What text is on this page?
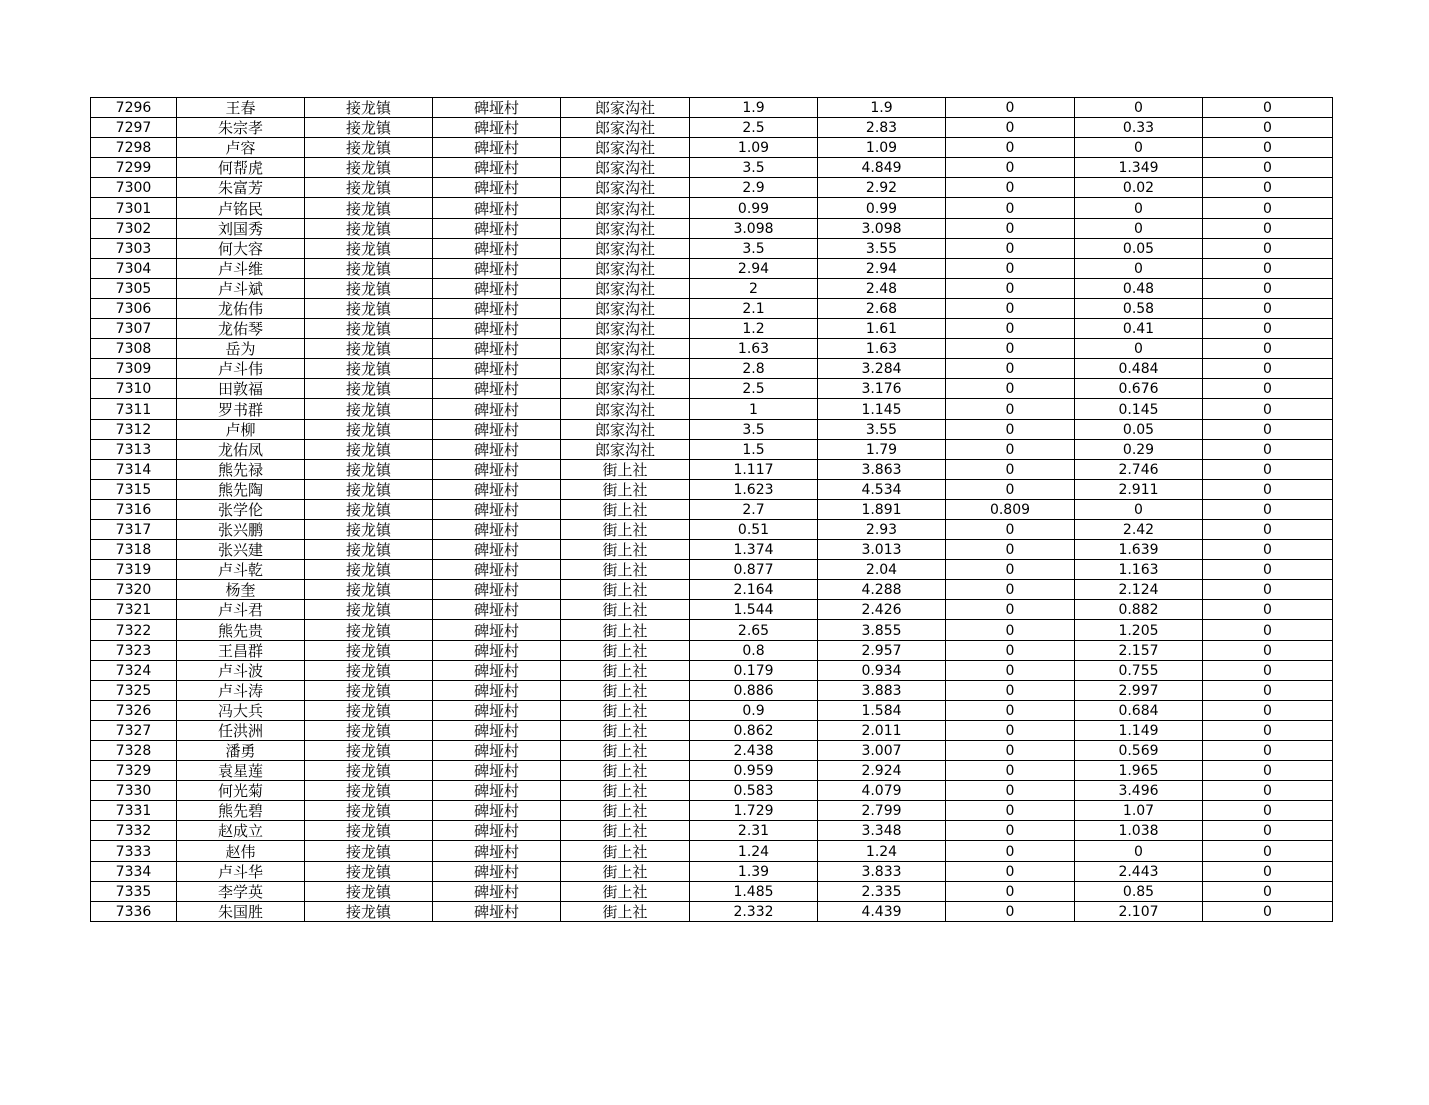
7296	王春	接龙镇	碑垭村	郎家沟社	1.9	1.9	0	0	0
7297	朱宗孝	接龙镇	碑垭村	郎家沟社	2.5	2.83	0	0.33	0
7298	卢容	接龙镇	碑垭村	郎家沟社	1.09	1.09	0	0	0
7299	何帮虎	接龙镇	碑垭村	郎家沟社	3.5	4.849	0	1.349	0
7300	朱富芳	接龙镇	碑垭村	郎家沟社	2.9	2.92	0	0.02	0
7301	卢铭民	接龙镇	碑垭村	郎家沟社	0.99	0.99	0	0	0
7302	刘国秀	接龙镇	碑垭村	郎家沟社	3.098	3.098	0	0	0
7303	何大容	接龙镇	碑垭村	郎家沟社	3.5	3.55	0	0.05	0
7304	卢斗维	接龙镇	碑垭村	郎家沟社	2.94	2.94	0	0	0
7305	卢斗斌	接龙镇	碑垭村	郎家沟社	2	2.48	0	0.48	0
7306	龙佑伟	接龙镇	碑垭村	郎家沟社	2.1	2.68	0	0.58	0
7307	龙佑琴	接龙镇	碑垭村	郎家沟社	1.2	1.61	0	0.41	0
7308	岳为	接龙镇	碑垭村	郎家沟社	1.63	1.63	0	0	0
7309	卢斗伟	接龙镇	碑垭村	郎家沟社	2.8	3.284	0	0.484	0
7310	田敦福	接龙镇	碑垭村	郎家沟社	2.5	3.176	0	0.676	0
7311	罗书群	接龙镇	碑垭村	郎家沟社	1	1.145	0	0.145	0
7312	卢柳	接龙镇	碑垭村	郎家沟社	3.5	3.55	0	0.05	0
7313	龙佑凤	接龙镇	碑垭村	郎家沟社	1.5	1.79	0	0.29	0
7314	熊先禄	接龙镇	碑垭村	街上社	1.117	3.863	0	2.746	0
7315	熊先陶	接龙镇	碑垭村	街上社	1.623	4.534	0	2.911	0
7316	张学伦	接龙镇	碑垭村	街上社	2.7	1.891	0.809	0	0
7317	张兴鹏	接龙镇	碑垭村	街上社	0.51	2.93	0	2.42	0
7318	张兴建	接龙镇	碑垭村	街上社	1.374	3.013	0	1.639	0
7319	卢斗乾	接龙镇	碑垭村	街上社	0.877	2.04	0	1.163	0
7320	杨奎	接龙镇	碑垭村	街上社	2.164	4.288	0	2.124	0
7321	卢斗君	接龙镇	碑垭村	街上社	1.544	2.426	0	0.882	0
7322	熊先贵	接龙镇	碑垭村	街上社	2.65	3.855	0	1.205	0
7323	王昌群	接龙镇	碑垭村	街上社	0.8	2.957	0	2.157	0
7324	卢斗波	接龙镇	碑垭村	街上社	0.179	0.934	0	0.755	0
7325	卢斗涛	接龙镇	碑垭村	街上社	0.886	3.883	0	2.997	0
7326	冯大兵	接龙镇	碑垭村	街上社	0.9	1.584	0	0.684	0
7327	任洪洲	接龙镇	碑垭村	街上社	0.862	2.011	0	1.149	0
7328	潘勇	接龙镇	碑垭村	街上社	2.438	3.007	0	0.569	0
7329	袁星莲	接龙镇	碑垭村	街上社	0.959	2.924	0	1.965	0
7330	何光菊	接龙镇	碑垭村	街上社	0.583	4.079	0	3.496	0
7331	熊先碧	接龙镇	碑垭村	街上社	1.729	2.799	0	1.07	0
7332	赵成立	接龙镇	碑垭村	街上社	2.31	3.348	0	1.038	0
7333	赵伟	接龙镇	碑垭村	街上社	1.24	1.24	0	0	0
7334	卢斗华	接龙镇	碑垭村	街上社	1.39	3.833	0	2.443	0
7335	李学英	接龙镇	碑垭村	街上社	1.485	2.335	0	0.85	0
7336	朱国胜	接龙镇	碑垭村	街上社	2.332	4.439	0	2.107	0
